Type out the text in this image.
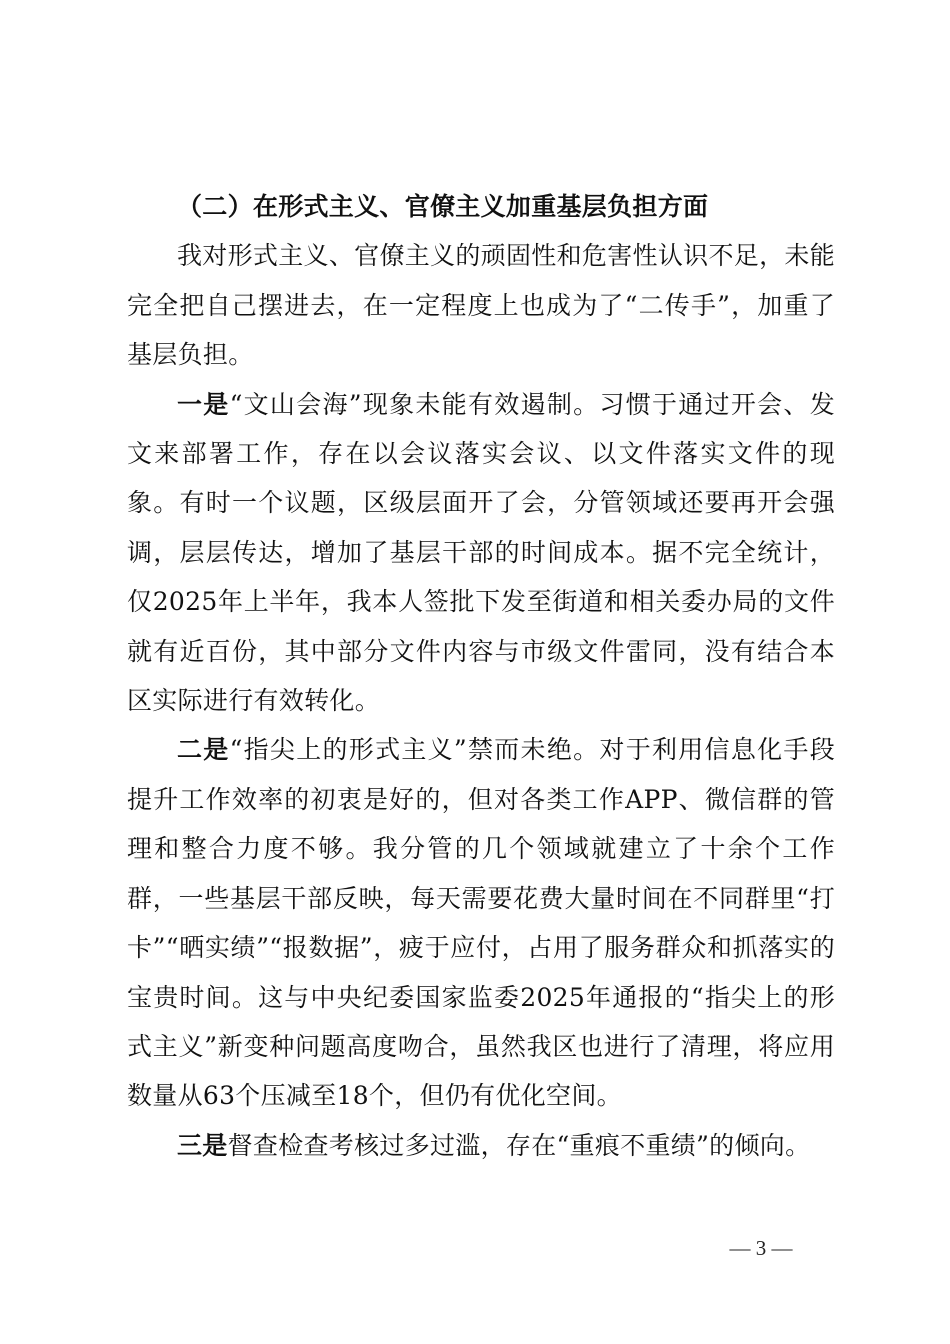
（二）在形式主义、官僚主义加重基层负担方面

我对形式主义、官僚主义的顽固性和危害性认识不足，未能完全把自己摆进去，在一定程度上也成为了“二传手”，加重了基层负担。

一是“文山会海”现象未能有效遏制。习惯于通过开会、发文来部署工作，存在以会议落实会议、以文件落实文件的现象。有时一个议题，区级层面开了会，分管领域还要再开会强调，层层传达，增加了基层干部的时间成本。据不完全统计，仅2025年上半年，我本人签批下发至街道和相关委办局的文件就有近百份，其中部分文件内容与市级文件雷同，没有结合本区实际进行有效转化。

二是“指尖上的形式主义”禁而未绝。对于利用信息化手段提升工作效率的初衷是好的，但对各类工作APP、微信群的管理和整合力度不够。我分管的几个领域就建立了十余个工作群，一些基层干部反映，每天需要花费大量时间在不同群里“打卡”“晒实绩”“报数据”，疲于应付，占用了服务群众和抓落实的宝贵时间。这与中央纪委国家监委2025年通报的“指尖上的形式主义”新变种问题高度吻合，虽然我区也进行了清理，将应用数量从63个压减至18个，但仍有优化空间。

三是督查检查考核过多过滥，存在“重痕不重绩”的倾向。

— 3 —
